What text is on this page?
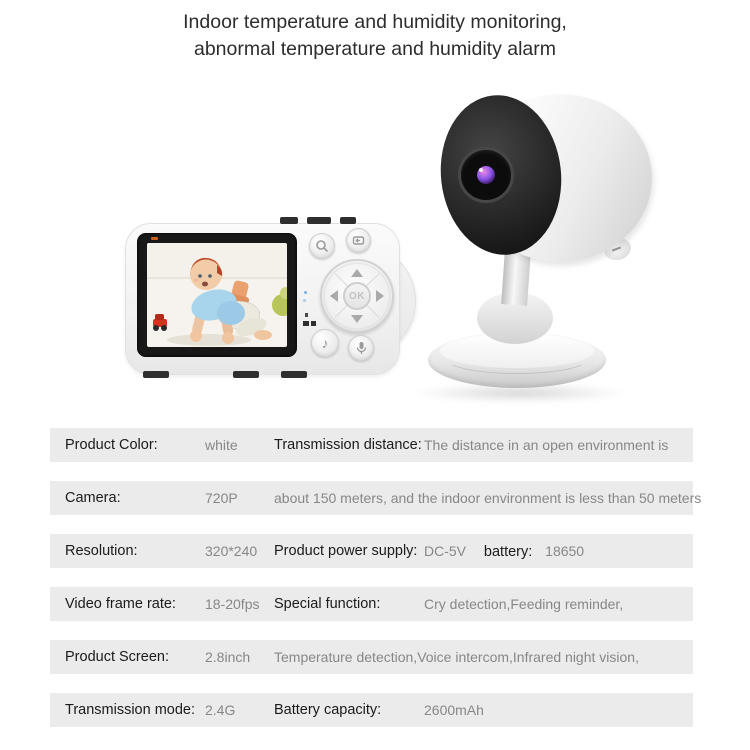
Indoor temperature and humidity monitoring,
abnormal temperature and humidity alarm
OK
♪
Product Color:	white	Transmission distance: The distance in an open environment is
Camera:	720P	about 150 meters, and the indoor environment is less than 50 meters
Resolution:	320*240	Product power supply: DC-5V battery: 18650
Video frame rate:	18-20fps	Special function:	Cry detection,Feeding reminder,
Product Screen:	2.8inch	Temperature detection,Voice intercom,Infrared night vision,
Transmission mode: 2.4G	Battery capacity:	2600mAh
